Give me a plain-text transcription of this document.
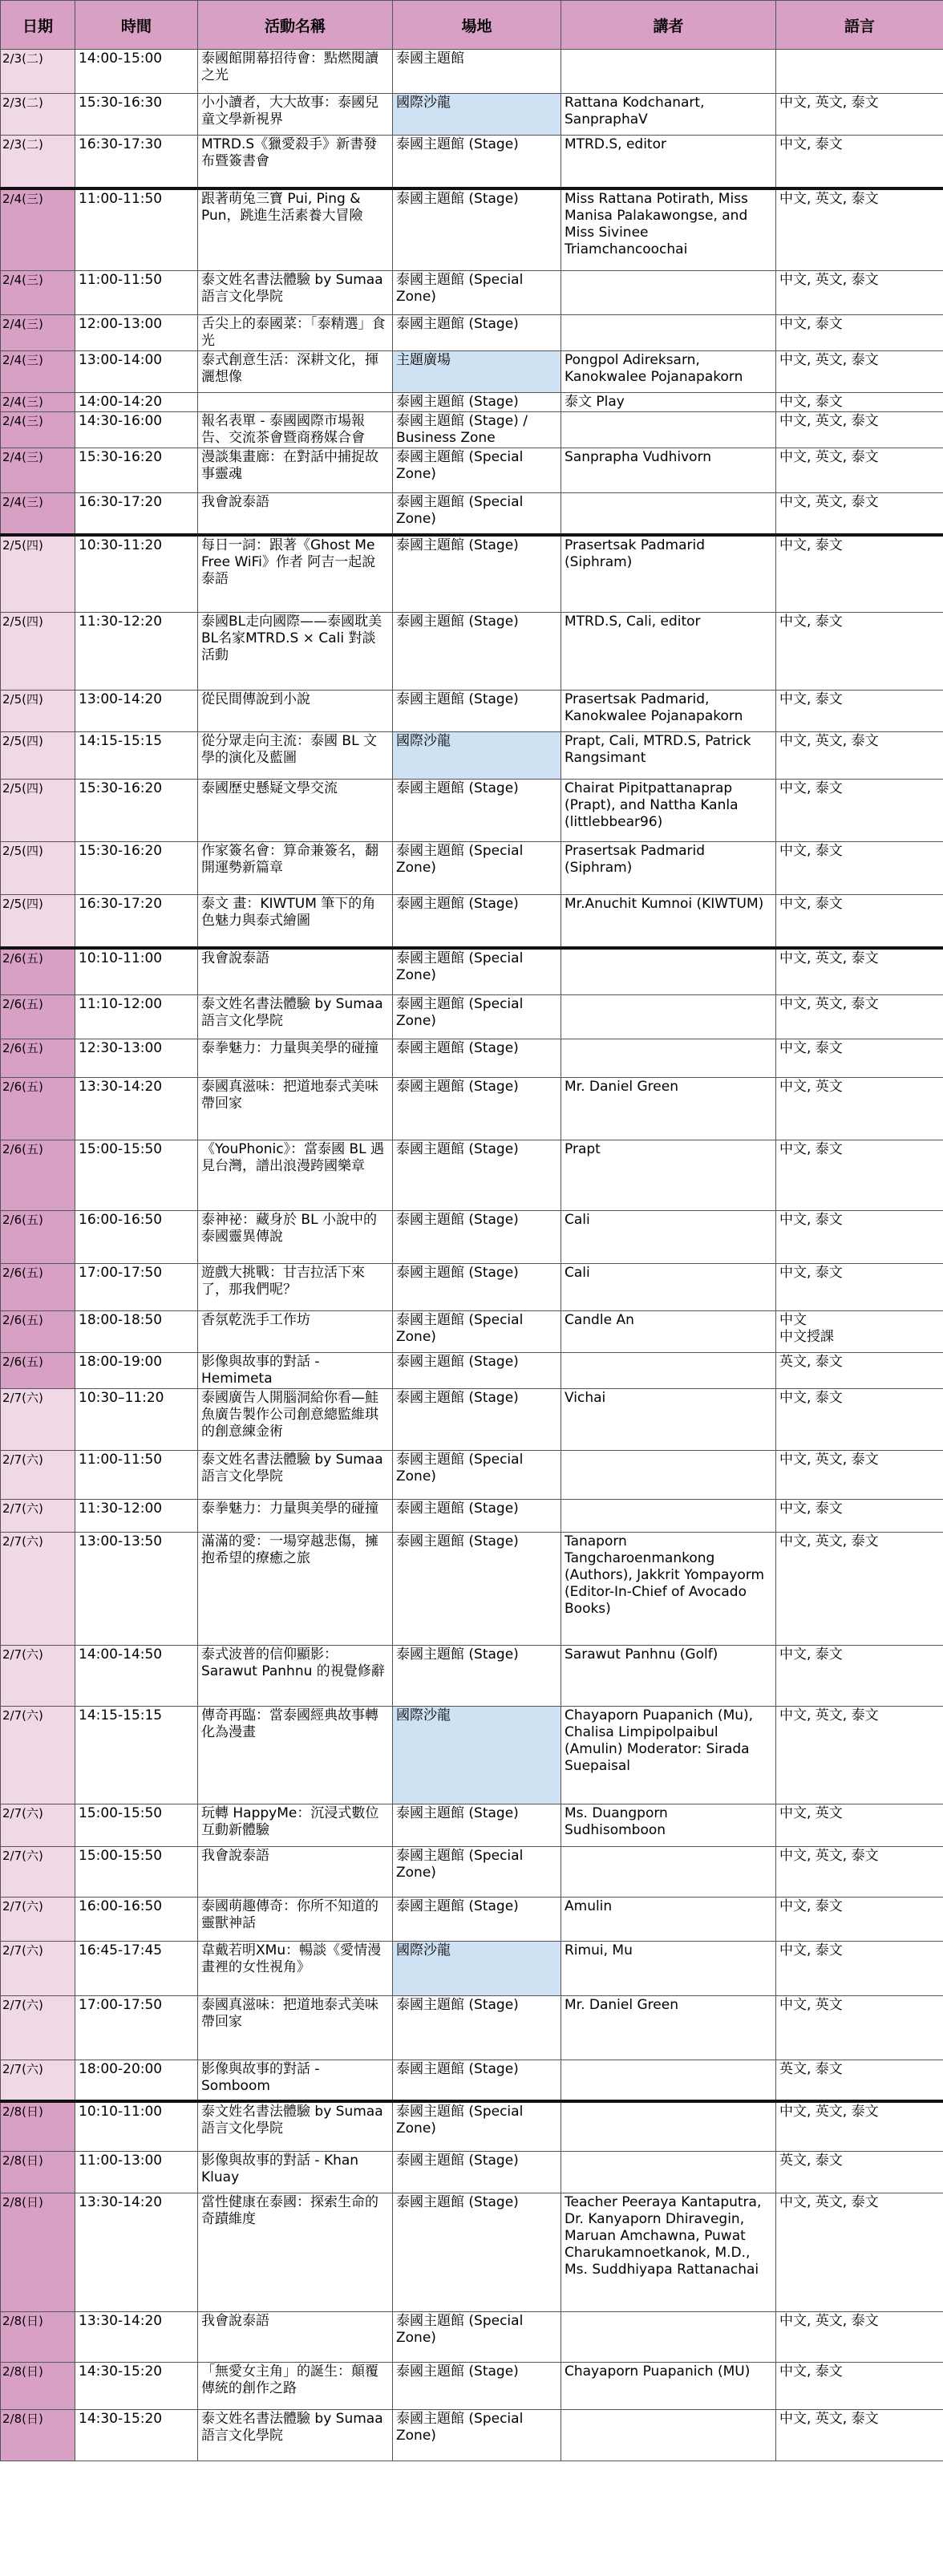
日期	時間	活動名稱	場地	講者	語言
2/3(二)	14:00-15:00	泰國館開幕招待會：點燃閱讀之光	泰國主題館		
2/3(二)	15:30-16:30	小小讀者，大大故事：泰國兒童文學新視界	國際沙龍	Rattana Kodchanart, SanpraphaV	中文, 英文, 泰文
2/3(二)	16:30-17:30	MTRD.S《獵愛殺手》新書發布暨簽書會	泰國主題館 (Stage)	MTRD.S, editor	中文, 泰文
2/4(三)	11:00-11:50	跟著萌兔三寶 Pui, Ping & Pun，跳進生活素養大冒險	泰國主題館 (Stage)	Miss Rattana Potirath, Miss Manisa Palakawongse, and Miss Sivinee Triamchancoochai	中文, 英文, 泰文
2/4(三)	11:00-11:50	泰文姓名書法體驗 by Sumaa 語言文化學院	泰國主題館 (Special Zone)		中文, 英文, 泰文
2/4(三)	12:00-13:00	舌尖上的泰國菜：「泰精選」食光	泰國主題館 (Stage)		中文, 泰文
2/4(三)	13:00-14:00	泰式創意生活：深耕文化，揮灑想像	主題廣場	Pongpol Adireksarn, Kanokwalee Pojanapakorn	中文, 英文, 泰文
2/4(三)	14:00-14:20		泰國主題館 (Stage)	泰文 Play	中文, 泰文
2/4(三)	14:30-16:00	報名表單 - 泰國國際市場報告、交流茶會暨商務媒合會	泰國主題館 (Stage) / Business Zone		中文, 英文, 泰文
2/4(三)	15:30-16:20	漫談集畫廊：在對話中捕捉故事靈魂	泰國主題館 (Special Zone)	Sanprapha Vudhivorn	中文, 英文, 泰文
2/4(三)	16:30-17:20	我會說泰語	泰國主題館 (Special Zone)		中文, 英文, 泰文
2/5(四)	10:30-11:20	每日一詞：跟著《Ghost Me Free WiFi》作者 阿吉一起說泰語	泰國主題館 (Stage)	Prasertsak Padmarid (Siphram)	中文, 泰文
2/5(四)	11:30-12:20	泰國BL走向國際——泰國耽美BL名家MTRD.S × Cali 對談活動	泰國主題館 (Stage)	MTRD.S, Cali, editor	中文, 泰文
2/5(四)	13:00-14:20	從民間傳說到小說	泰國主題館 (Stage)	Prasertsak Padmarid, Kanokwalee Pojanapakorn	中文, 泰文
2/5(四)	14:15-15:15	從分眾走向主流：泰國 BL 文學的演化及藍圖	國際沙龍	Prapt, Cali, MTRD.S, Patrick Rangsimant	中文, 英文, 泰文
2/5(四)	15:30-16:20	泰國歷史懸疑文學交流	泰國主題館 (Stage)	Chairat Pipitpattanaprap (Prapt), and Nattha Kanla (littlebbear96)	中文, 泰文
2/5(四)	15:30-16:20	作家簽名會：算命兼簽名，翻開運勢新篇章	泰國主題館 (Special Zone)	Prasertsak Padmarid (Siphram)	中文, 泰文
2/5(四)	16:30-17:20	泰文 畫：KIWTUM 筆下的角色魅力與泰式繪圖	泰國主題館 (Stage)	Mr.Anuchit Kumnoi (KIWTUM)	中文, 泰文
2/6(五)	10:10-11:00	我會說泰語	泰國主題館 (Special Zone)		中文, 英文, 泰文
2/6(五)	11:10-12:00	泰文姓名書法體驗 by Sumaa 語言文化學院	泰國主題館 (Special Zone)		中文, 英文, 泰文
2/6(五)	12:30-13:00	泰拳魅力：力量與美學的碰撞	泰國主題館 (Stage)		中文, 泰文
2/6(五)	13:30-14:20	泰國真滋味：把道地泰式美味帶回家	泰國主題館 (Stage)	Mr. Daniel Green	中文, 英文
2/6(五)	15:00-15:50	《YouPhonic》：當泰國 BL 遇見台灣，譜出浪漫跨國樂章	泰國主題館 (Stage)	Prapt	中文, 泰文
2/6(五)	16:00-16:50	泰神祕：藏身於 BL 小說中的泰國靈異傳說	泰國主題館 (Stage)	Cali	中文, 泰文
2/6(五)	17:00-17:50	遊戲大挑戰：甘吉拉活下來了，那我們呢？	泰國主題館 (Stage)	Cali	中文, 泰文
2/6(五)	18:00-18:50	香氛乾洗手工作坊	泰國主題館 (Special Zone)	Candle An	中文
中文授課

2/6(五)	18:00-19:00	影像與故事的對話 - Hemimeta	泰國主題館 (Stage)		英文, 泰文
2/7(六)	10:30–11:20	泰國廣告人開腦洞給你看—鮭魚廣告製作公司創意總監維琪的創意練金術	泰國主題館 (Stage)	Vichai	中文, 泰文
2/7(六)	11:00-11:50	泰文姓名書法體驗 by Sumaa 語言文化學院	泰國主題館 (Special Zone)		中文, 英文, 泰文
2/7(六)	11:30-12:00	泰拳魅力：力量與美學的碰撞	泰國主題館 (Stage)		中文, 泰文
2/7(六)	13:00-13:50	滿滿的愛：一場穿越悲傷，擁抱希望的療癒之旅	泰國主題館 (Stage)	Tanaporn Tangcharoenmankong (Authors), Jakkrit Yompayorm (Editor-In-Chief of Avocado Books)	中文, 英文, 泰文
2/7(六)	14:00-14:50	泰式波普的信仰顯影：Sarawut Panhnu 的視覺修辭	泰國主題館 (Stage)	Sarawut Panhnu (Golf)	中文, 泰文
2/7(六)	14:15-15:15	傳奇再臨：當泰國經典故事轉化為漫畫	國際沙龍	Chayaporn Puapanich (Mu), Chalisa Limpipolpaibul (Amulin) Moderator: Sirada Suepaisal	中文, 英文, 泰文
2/7(六)	15:00-15:50	玩轉 HappyMe：沉浸式數位互動新體驗	泰國主題館 (Stage)	Ms. Duangporn Sudhisomboon	中文, 英文
2/7(六)	15:00-15:50	我會說泰語	泰國主題館 (Special Zone)		中文, 英文, 泰文
2/7(六)	16:00-16:50	泰國萌趣傳奇：你所不知道的靈獸神話	泰國主題館 (Stage)	Amulin	中文, 泰文
2/7(六)	16:45-17:45	韋戴若明XMu：暢談《愛情漫畫裡的女性視角》	國際沙龍	Rimui, Mu	中文, 泰文
2/7(六)	17:00-17:50	泰國真滋味：把道地泰式美味帶回家	泰國主題館 (Stage)	Mr. Daniel Green	中文, 英文
2/7(六)	18:00-20:00	影像與故事的對話 - Somboom	泰國主題館 (Stage)		英文, 泰文
2/8(日)	10:10-11:00	泰文姓名書法體驗 by Sumaa 語言文化學院	泰國主題館 (Special Zone)		中文, 英文, 泰文
2/8(日)	11:00-13:00	影像與故事的對話 - Khan Kluay	泰國主題館 (Stage)		英文, 泰文
2/8(日)	13:30-14:20	當性健康在泰國：探索生命的奇蹟維度	泰國主題館 (Stage)	Teacher Peeraya Kantaputra, Dr. Kanyaporn Dhiravegin, Maruan Amchawna, Puwat Charukamnoetkanok, M.D., Ms. Suddhiyapa Rattanachai	中文, 英文, 泰文
2/8(日)	13:30-14:20	我會說泰語	泰國主題館 (Special Zone)		中文, 英文, 泰文
2/8(日)	14:30-15:20	「無愛女主角」的誕生：顛覆傳統的創作之路	泰國主題館 (Stage)	Chayaporn Puapanich (MU)	中文, 泰文
2/8(日)	14:30-15:20	泰文姓名書法體驗 by Sumaa 語言文化學院	泰國主題館 (Special Zone)		中文, 英文, 泰文
